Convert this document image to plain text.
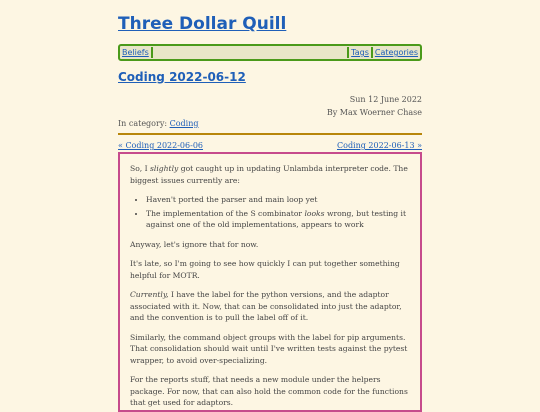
Three Dollar Quill
Beliefs	Tags Categories
Coding 2022-06-12
Sun 12 June 2022
By Max Woerner Chase
In category: Coding
« Coding 2022-06-06	Coding 2022-06-13 »

So, I slightly got caught up in updating Unlambda interpreter code. The biggest issues currently are:

• Haven't ported the parser and main loop yet
• The implementation of the S combinator looks wrong, but testing it against one of the old implementations, appears to work

Anyway, let's ignore that for now.

It's late, so I'm going to see how quickly I can put together something helpful for MOTR.

Currently, I have the label for the python versions, and the adaptor associated with it. Now, that can be consolidated into just the adaptor, and the convention is to pull the label off of it.

Similarly, the command object groups with the label for pip arguments. That consolidation should wait until I've written tests against the pytest wrapper, to avoid over-specializing.

For the reports stuff, that needs a new module under the helpers package. For now, that can also hold the common code for the functions that get used for adaptors.
